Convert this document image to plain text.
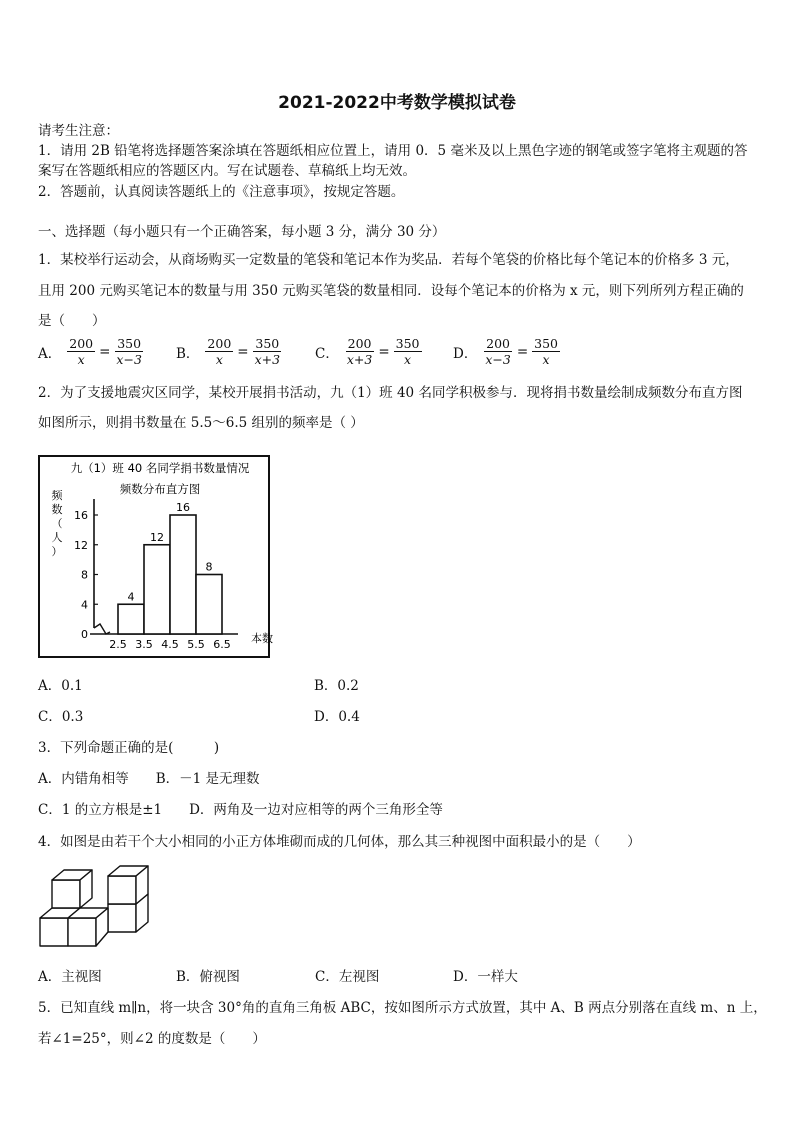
2021-2022中考数学模拟试卷
请考生注意：
1．请用 2B 铅笔将选择题答案涂填在答题纸相应位置上，请用 0．5 毫米及以上黑色字迹的钢笔或签字笔将主观题的答
案写在答题纸相应的答题区内。写在试题卷、草稿纸上均无效。
2．答题前，认真阅读答题纸上的《注意事项》，按规定答题。
一、选择题（每小题只有一个正确答案，每小题 3 分，满分 30 分）
1．某校举行运动会，从商场购买一定数量的笔袋和笔记本作为奖品．若每个笔袋的价格比每个笔记本的价格多 3 元，
且用 200 元购买笔记本的数量与用 350 元购买笔袋的数量相同．设每个笔记本的价格为 x 元，则下列所列方程正确的
是（　　）
A． $\frac{200}{x} = \frac{350}{x-3}$ B． $\frac{200}{x} = \frac{350}{x+3}$ C． $\frac{200}{x+3} = \frac{350}{x}$ D． $\frac{200}{x-3} = \frac{350}{x}$
2．为了支援地震灾区同学，某校开展捐书活动，九（1）班 40 名同学积极参与．现将捐书数量绘制成频数分布直方图
如图所示，则捐书数量在 5.5～6.5 组别的频率是（ ）
九（1）班 40 名同学捐书数量情况
频数分布直方图
频数（人）
4
12
16
8
0
4
8
12
16
2.5 3.5 4.5 5.5 6.5 本数
A．0.1	B．0.2
C．0.3	D．0.4
3．下列命题正确的是(　　　)
A．内错角相等　　B．－1 是无理数
C．1 的立方根是±1　　D．两角及一边对应相等的两个三角形全等
4．如图是由若干个大小相同的小正方体堆砌而成的几何体，那么其三种视图中面积最小的是（　　）
A．主视图	B．俯视图	C．左视图	D．一样大
5．已知直线 m∥n，将一块含 30°角的直角三角板 ABC，按如图所示方式放置，其中 A、B 两点分别落在直线 m、n 上，
若∠1=25°，则∠2 的度数是（　　）
